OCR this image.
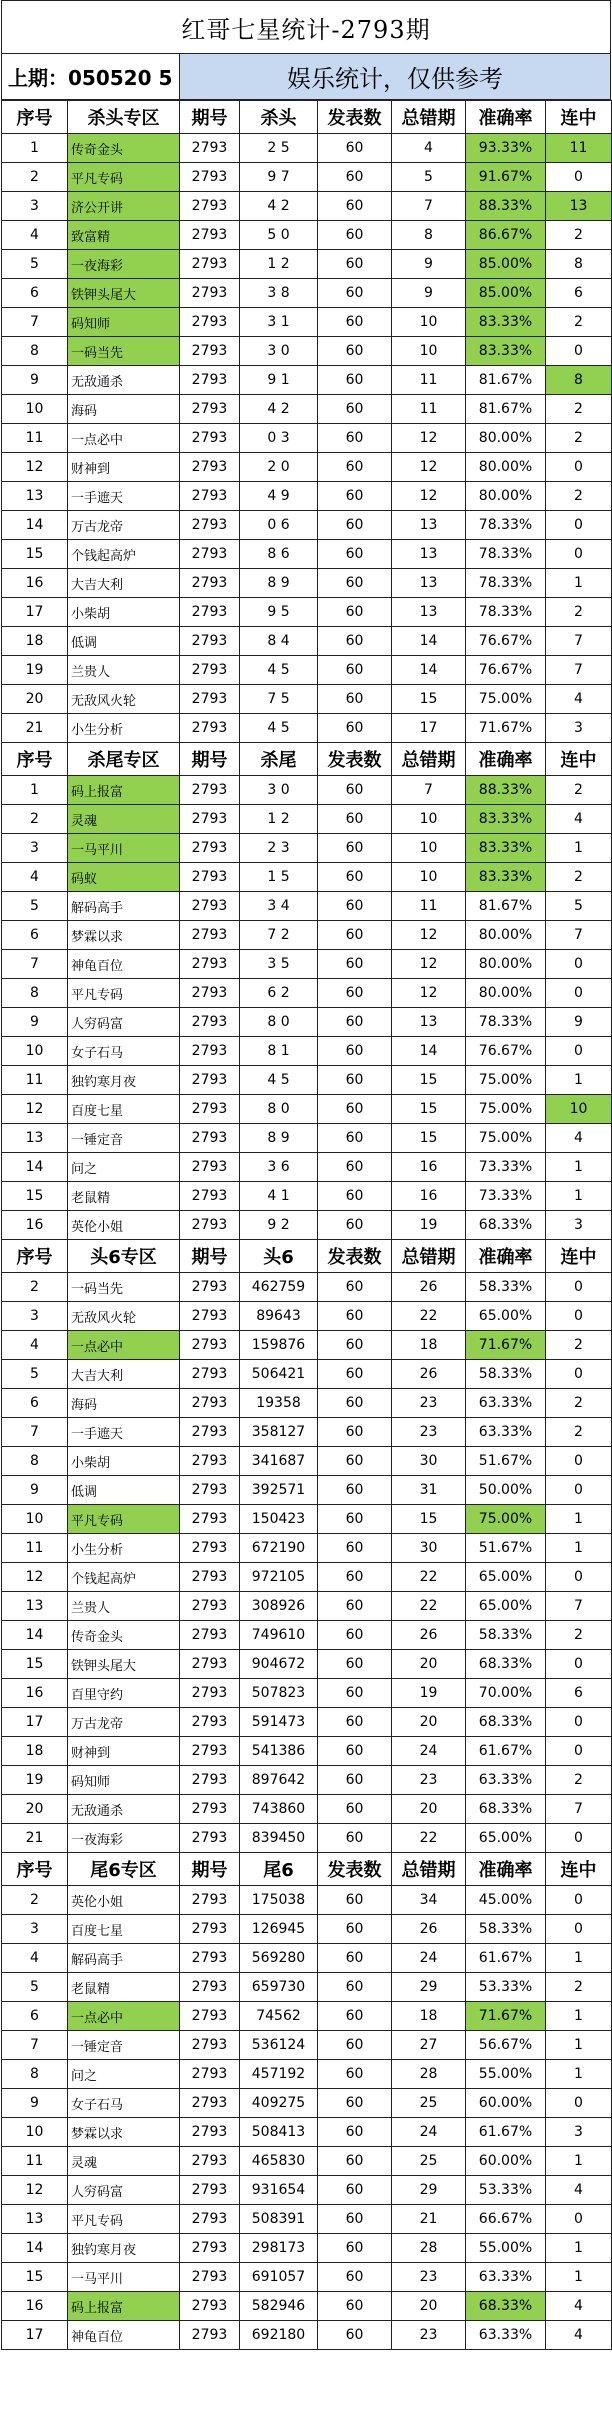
红哥七星统计-2793期
上期：050520 5	娱乐统计，仅供参考
序号	杀头专区	期号	杀头	发表数	总错期	准确率	连中
1	传奇金头	2793	2 5	60	4	93.33%	11
2	平凡专码	2793	9 7	60	5	91.67%	0
3	济公开讲	2793	4 2	60	7	88.33%	13
4	致富精	2793	5 0	60	8	86.67%	2
5	一夜海彩	2793	1 2	60	9	85.00%	8
6	铁钾头尾大	2793	3 8	60	9	85.00%	6
7	码知师	2793	3 1	60	10	83.33%	2
8	一码当先	2793	3 0	60	10	83.33%	0
9	无敌通杀	2793	9 1	60	11	81.67%	8
10	海码	2793	4 2	60	11	81.67%	2
11	一点必中	2793	0 3	60	12	80.00%	2
12	财神到	2793	2 0	60	12	80.00%	0
13	一手遮天	2793	4 9	60	12	80.00%	2
14	万古龙帝	2793	0 6	60	13	78.33%	0
15	个钱起高炉	2793	8 6	60	13	78.33%	0
16	大吉大利	2793	8 9	60	13	78.33%	1
17	小柴胡	2793	9 5	60	13	78.33%	2
18	低调	2793	8 4	60	14	76.67%	7
19	兰贵人	2793	4 5	60	14	76.67%	7
20	无敌风火轮	2793	7 5	60	15	75.00%	4
21	小生分析	2793	4 5	60	17	71.67%	3
序号	杀尾专区	期号	杀尾	发表数	总错期	准确率	连中
1	码上报富	2793	3 0	60	7	88.33%	2
2	灵魂	2793	1 2	60	10	83.33%	4
3	一马平川	2793	2 3	60	10	83.33%	1
4	码蚁	2793	1 5	60	10	83.33%	2
5	解码高手	2793	3 4	60	11	81.67%	5
6	梦霖以求	2793	7 2	60	12	80.00%	7
7	神龟百位	2793	3 5	60	12	80.00%	0
8	平凡专码	2793	6 2	60	12	80.00%	0
9	人穷码富	2793	8 0	60	13	78.33%	9
10	女子石马	2793	8 1	60	14	76.67%	0
11	独钓寒月夜	2793	4 5	60	15	75.00%	1
12	百度七星	2793	8 0	60	15	75.00%	10
13	一锤定音	2793	8 9	60	15	75.00%	4
14	问之	2793	3 6	60	16	73.33%	1
15	老鼠精	2793	4 1	60	16	73.33%	1
16	英伦小姐	2793	9 2	60	19	68.33%	3
序号	头6专区	期号	头6	发表数	总错期	准确率	连中
2	一码当先	2793	462759	60	26	58.33%	0
3	无敌风火轮	2793	89643	60	22	65.00%	0
4	一点必中	2793	159876	60	18	71.67%	2
5	大吉大利	2793	506421	60	26	58.33%	0
6	海码	2793	19358	60	23	63.33%	2
7	一手遮天	2793	358127	60	23	63.33%	2
8	小柴胡	2793	341687	60	30	51.67%	0
9	低调	2793	392571	60	31	50.00%	0
10	平凡专码	2793	150423	60	15	75.00%	1
11	小生分析	2793	672190	60	30	51.67%	1
12	个钱起高炉	2793	972105	60	22	65.00%	0
13	兰贵人	2793	308926	60	22	65.00%	7
14	传奇金头	2793	749610	60	26	58.33%	2
15	铁钾头尾大	2793	904672	60	20	68.33%	0
16	百里守约	2793	507823	60	19	70.00%	6
17	万古龙帝	2793	591473	60	20	68.33%	0
18	财神到	2793	541386	60	24	61.67%	0
19	码知师	2793	897642	60	23	63.33%	2
20	无敌通杀	2793	743860	60	20	68.33%	7
21	一夜海彩	2793	839450	60	22	65.00%	0
序号	尾6专区	期号	尾6	发表数	总错期	准确率	连中
2	英伦小姐	2793	175038	60	34	45.00%	0
3	百度七星	2793	126945	60	26	58.33%	0
4	解码高手	2793	569280	60	24	61.67%	1
5	老鼠精	2793	659730	60	29	53.33%	2
6	一点必中	2793	74562	60	18	71.67%	1
7	一锤定音	2793	536124	60	27	56.67%	1
8	问之	2793	457192	60	28	55.00%	1
9	女子石马	2793	409275	60	25	60.00%	0
10	梦霖以求	2793	508413	60	24	61.67%	3
11	灵魂	2793	465830	60	25	60.00%	1
12	人穷码富	2793	931654	60	29	53.33%	4
13	平凡专码	2793	508391	60	21	66.67%	0
14	独钓寒月夜	2793	298173	60	28	55.00%	1
15	一马平川	2793	691057	60	23	63.33%	1
16	码上报富	2793	582946	60	20	68.33%	4
17	神龟百位	2793	692180	60	23	63.33%	4
